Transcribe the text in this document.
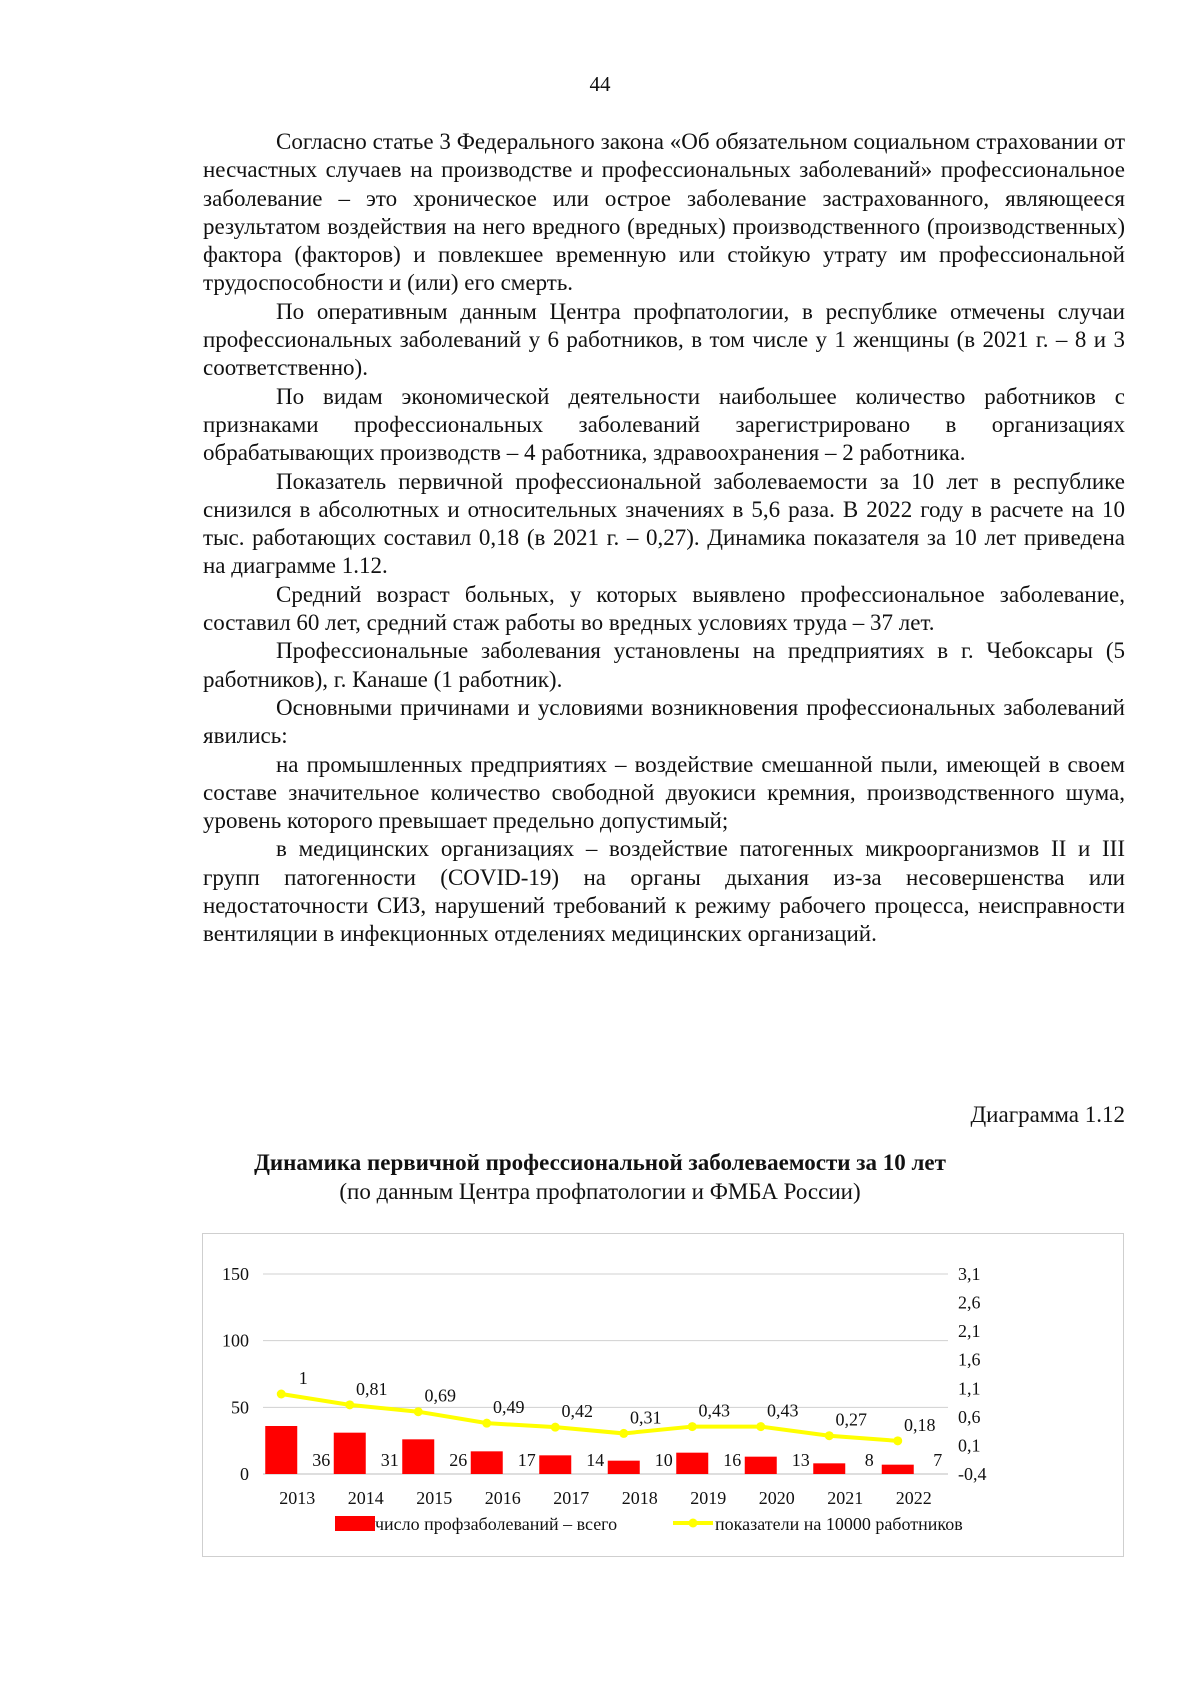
44

Согласно статье 3 Федерального закона «Об обязательном социальном страховании от несчастных случаев на производстве и профессиональных заболеваний» профессиональное заболевание – это хроническое или острое заболевание застрахованного, являющееся результатом воздействия на него вредного (вредных) производственного (производственных) фактора (факторов) и повлекшее временную или стойкую утрату им профессиональной трудоспособности и (или) его смерть.

По оперативным данным Центра профпатологии, в республике отмечены случаи профессиональных заболеваний у 6 работников, в том числе у 1 женщины (в 2021 г. – 8 и 3 соответственно).

По видам экономической деятельности наибольшее количество работников с признаками профессиональных заболеваний зарегистрировано в организациях обрабатывающих производств – 4 работника, здравоохранения – 2 работника.

Показатель первичной профессиональной заболеваемости за 10 лет в республике снизился в абсолютных и относительных значениях в 5,6 раза. В 2022 году в расчете на 10 тыс. работающих составил 0,18 (в 2021 г. – 0,27). Динамика показателя за 10 лет приведена на диаграмме 1.12.

Средний возраст больных, у которых выявлено профессиональное заболевание, составил 60 лет, средний стаж работы во вредных условиях труда – 37 лет.

Профессиональные заболевания установлены на предприятиях в г. Чебоксары (5 работников), г. Канаше (1 работник).

Основными причинами и условиями возникновения профессиональных заболеваний явились:

на промышленных предприятиях – воздействие смешанной пыли, имеющей в своем составе значительное количество свободной двуокиси кремния, производственного шума, уровень которого превышает предельно допустимый;

в медицинских организациях – воздействие патогенных микроорганизмов II и III групп патогенности (COVID-19) на органы дыхания из-за несовершенства или недостаточности СИЗ, нарушений требований к режиму рабочего процесса, неисправности вентиляции в инфекционных отделениях медицинских организаций.

Диаграмма 1.12
Динамика первичной профессиональной заболеваемости за 10 лет
(по данным Центра профпатологии и ФМБА России)
0
50
100
150
-0,4
0,1
0,6
1,1
1,6
2,1
2,6
3,1
2013 2014 2015 2016 2017 2018 2019 2020 2021 2022
36	31	26	17	14	10	16	13	8	7
1
0,81 0,69
0,49 0,42 0,31 0,43 0,43 0,27 0,18
число профзаболеваний – всего	показатели на 10000 работников
